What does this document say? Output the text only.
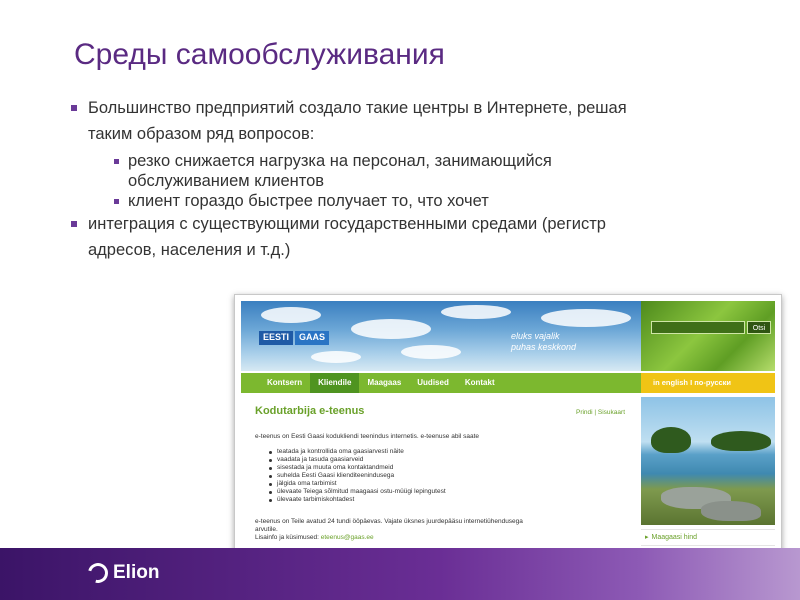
Среды самообслуживания
Большинство предприятий создало такие центры в Интернете, решая
таким образом ряд вопросов:
резко снижается нагрузка на персонал, занимающийся
обслуживанием клиентов
клиент гораздо быстрее получает то, что хочет
интеграция с существующими государственными средами (регистр
адресов, населения и т.д.)
EESTI	GAAS	eluks vajalik
puhas keskkond
Otsi
Kontsern	Kliendile	Maagaas	Uudised	Kontakt	in english I по-русски
Kodutarbija e-teenus	Prindi | Sisukaart
e-teenus on Eesti Gaasi kodukliendi teenindus internetis. e-teenuse abil saate
teatada ja kontrollida oma gaasiarvesti näite
vaadata ja tasuda gaasiarveid
sisestada ja muuta oma kontaktandmeid
suhelda Eesti Gaasi klienditeenindusega
jälgida oma tarbimist
ülevaate Teiega sõlmitud maagaasi ostu-müügi lepingutest
ülevaate tarbimiskohtadest
e-teenus on Teile avatud 24 tundi ööpäevas. Vajate üksnes juurdepääsu internetiühendusega
arvutile.
Lisainfo ja küsimused: eteenus@gaas.ee	▸ Maagaasi hind
Elion
